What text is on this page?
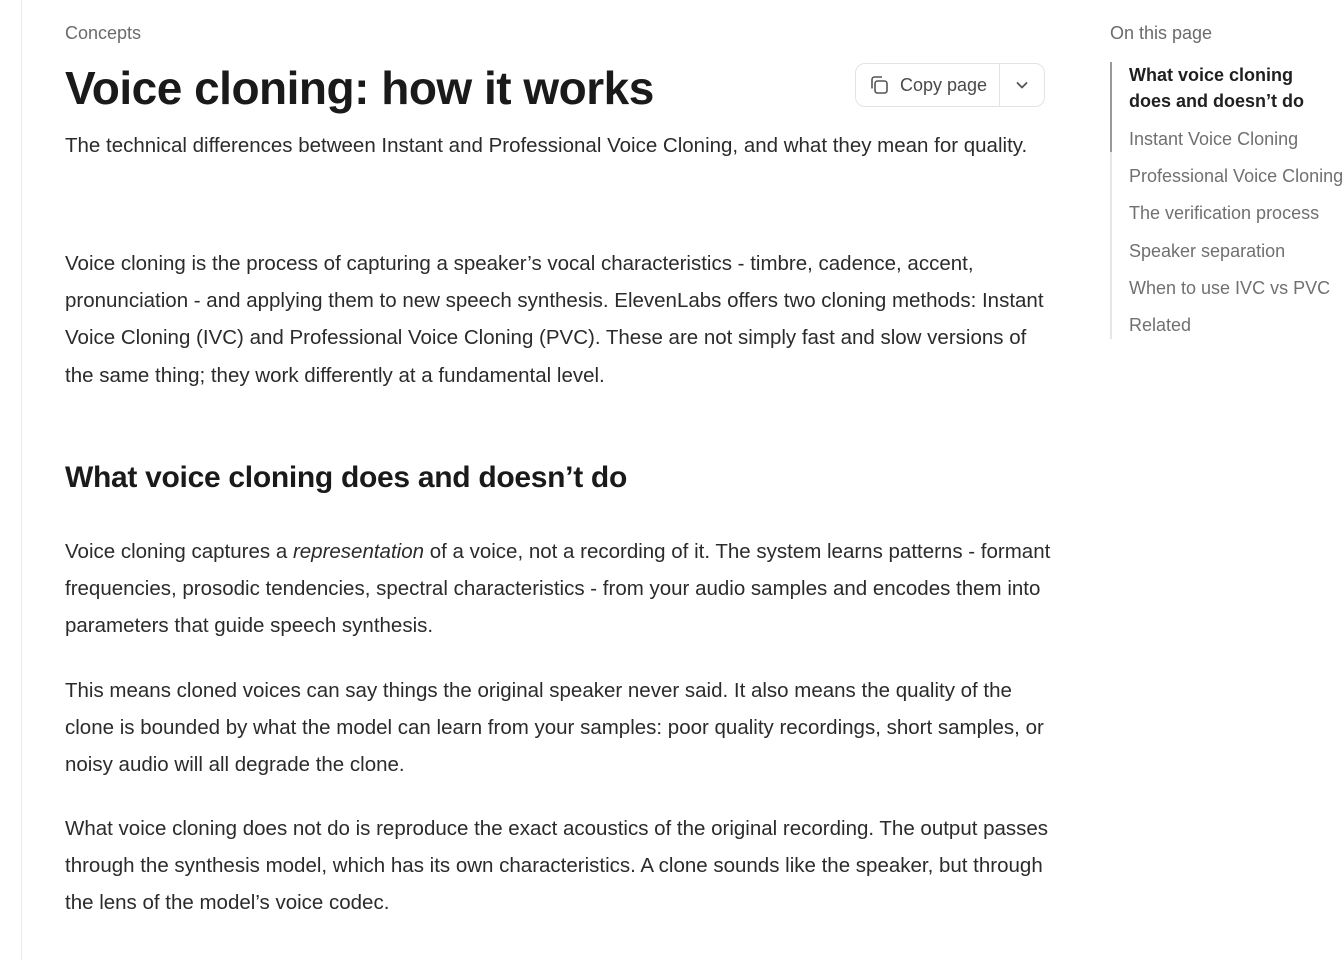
Concepts
Voice cloning: how it works	Copy page

The technical differences between Instant and Professional Voice Cloning, and what they mean for quality.

Voice cloning is the process of capturing a speaker’s vocal characteristics - timbre, cadence, accent, pronunciation - and applying them to new speech synthesis. ElevenLabs offers two cloning methods: Instant Voice Cloning (IVC) and Professional Voice Cloning (PVC). These are not simply fast and slow versions of the same thing; they work differently at a fundamental level.

What voice cloning does and doesn’t do

Voice cloning captures a representation of a voice, not a recording of it. The system learns patterns - formant frequencies, prosodic tendencies, spectral characteristics - from your audio samples and encodes them into parameters that guide speech synthesis.

This means cloned voices can say things the original speaker never said. It also means the quality of the clone is bounded by what the model can learn from your samples: poor quality recordings, short samples, or noisy audio will all degrade the clone.

What voice cloning does not do is reproduce the exact acoustics of the original recording. The output passes through the synthesis model, which has its own characteristics. A clone sounds like the speaker, but through the lens of the model’s voice codec.

On this page
What voice cloning does and doesn’t do
Instant Voice Cloning
Professional Voice Cloning
The verification process
Speaker separation
When to use IVC vs PVC
Related
